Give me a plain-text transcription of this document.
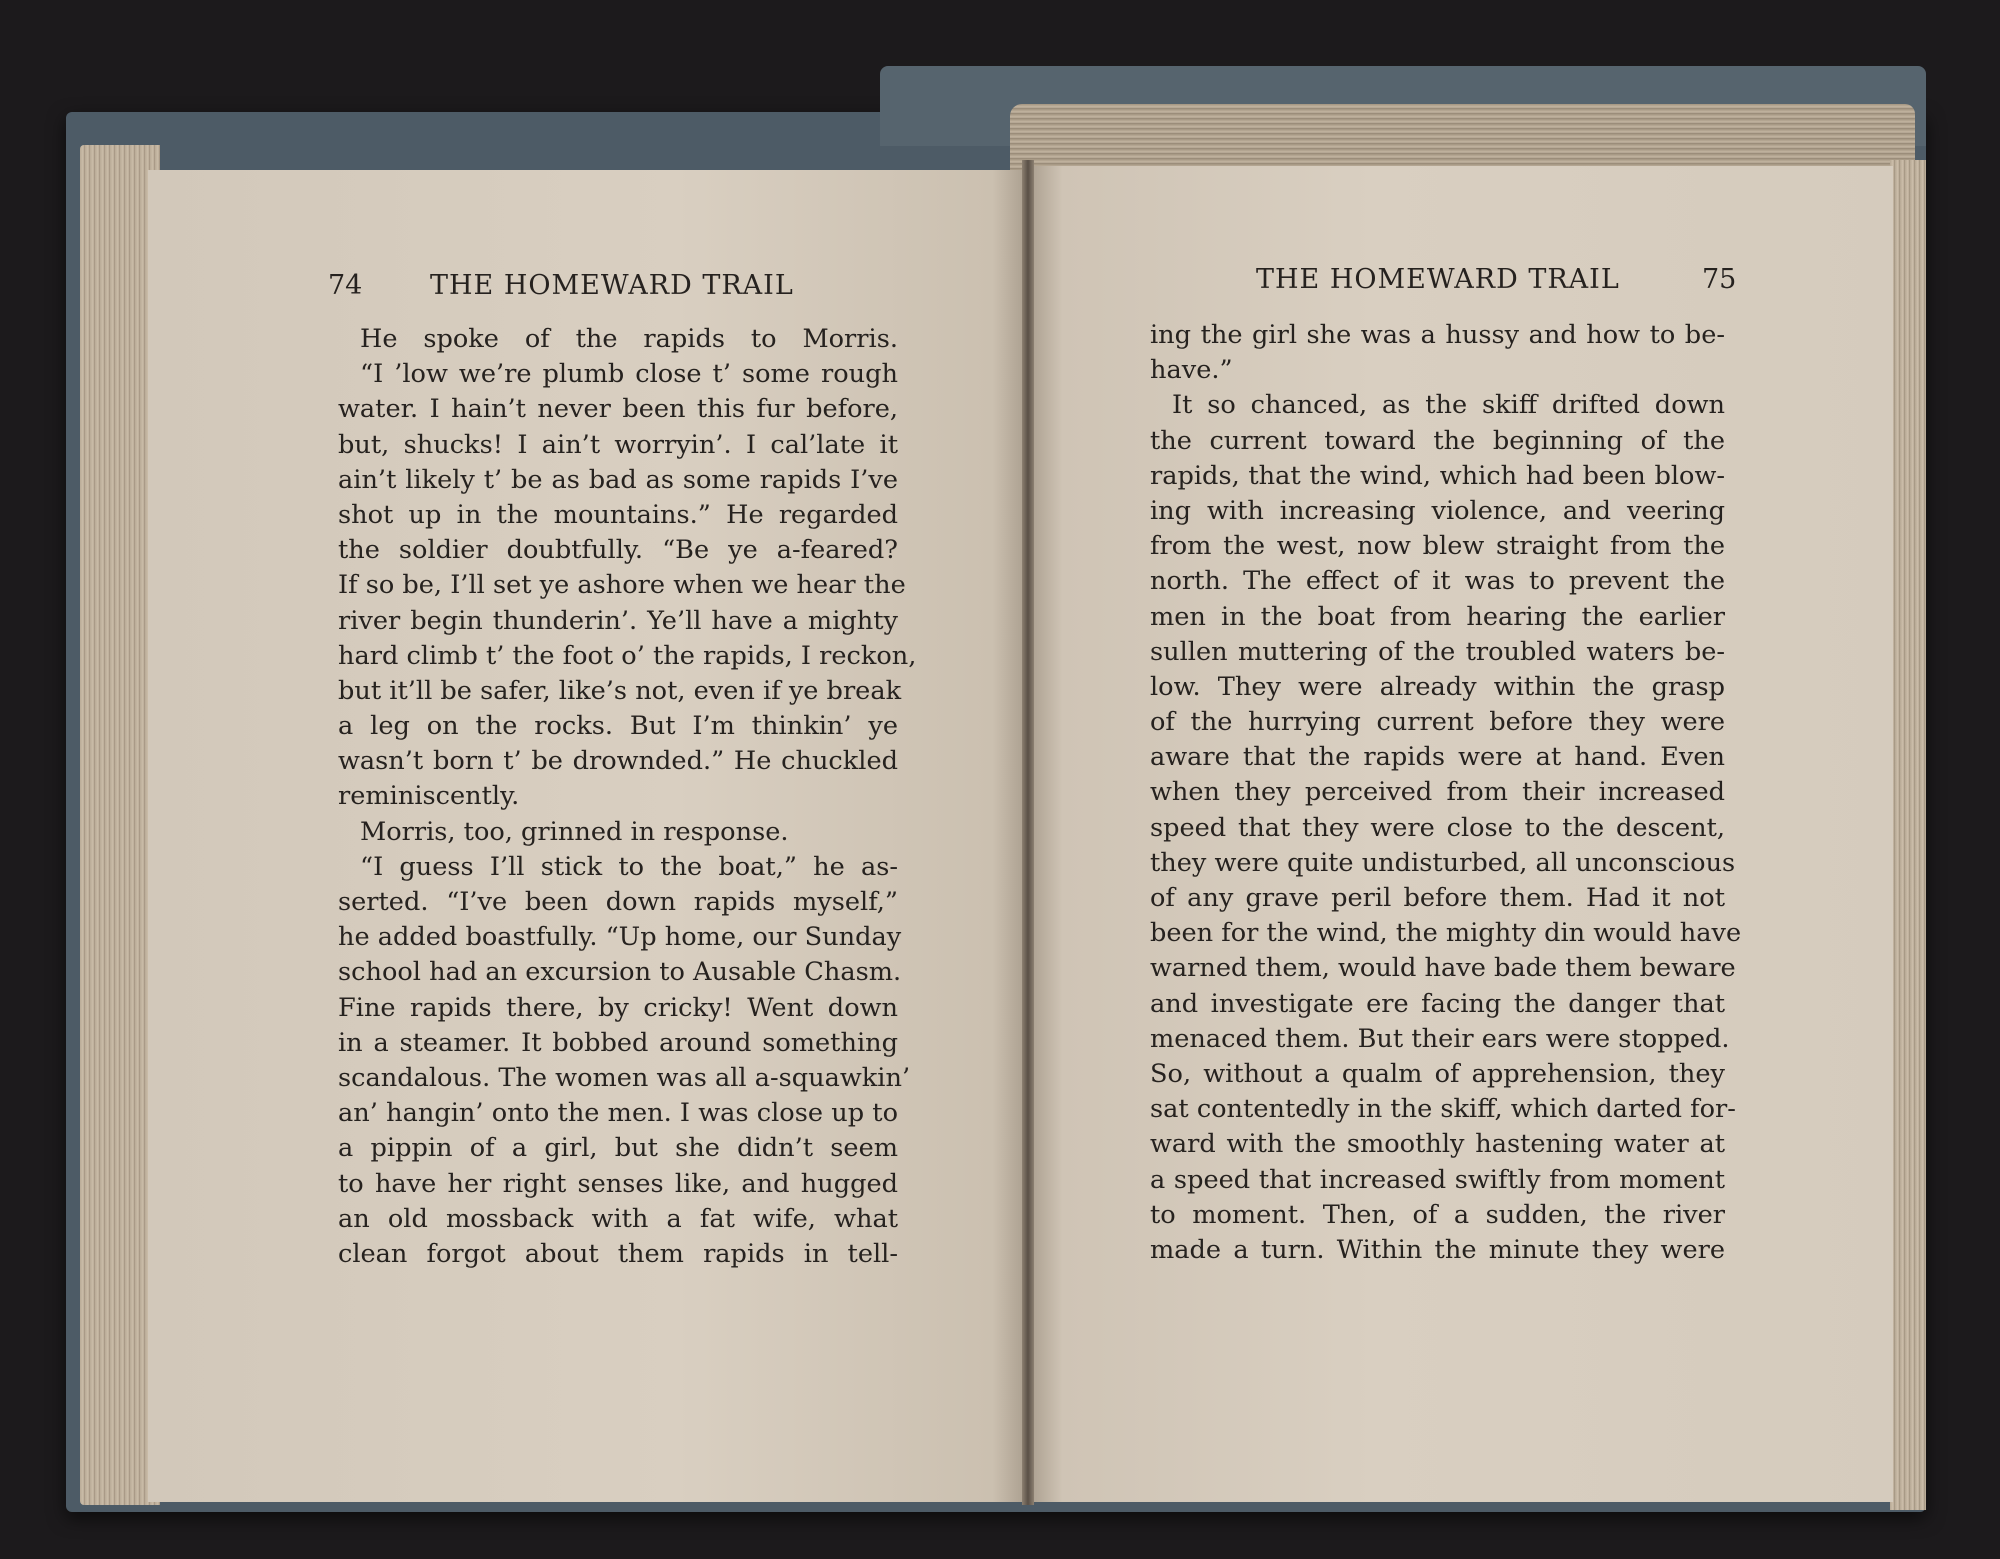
74	THE HOMEWARD TRAIL
He spoke of the rapids to Morris.
“I ’low we’re plumb close t’ some rough
water. I hain’t never been this fur before,
but, shucks! I ain’t worryin’. I cal’late it
ain’t likely t’ be as bad as some rapids I’ve
shot up in the mountains.” He regarded
the soldier doubtfully. “Be ye a-feared?
If so be, I’ll set ye ashore when we hear the
river begin thunderin’. Ye’ll have a mighty
hard climb t’ the foot o’ the rapids, I reckon,
but it’ll be safer, like’s not, even if ye break
a leg on the rocks. But I’m thinkin’ ye
wasn’t born t’ be drownded.” He chuckled
reminiscently.
Morris, too, grinned in response.
“I guess I’ll stick to the boat,” he as-
serted. “I’ve been down rapids myself,”
he added boastfully. “Up home, our Sunday
school had an excursion to Ausable Chasm.
Fine rapids there, by cricky! Went down
in a steamer. It bobbed around something
scandalous. The women was all a-squawkin’
an’ hangin’ onto the men. I was close up to
a pippin of a girl, but she didn’t seem
to have her right senses like, and hugged
an old mossback with a fat wife, what
clean forgot about them rapids in tell-
THE HOMEWARD TRAIL	75
ing the girl she was a hussy and how to be-
have.”
It so chanced, as the skiff drifted down
the current toward the beginning of the
rapids, that the wind, which had been blow-
ing with increasing violence, and veering
from the west, now blew straight from the
north. The effect of it was to prevent the
men in the boat from hearing the earlier
sullen muttering of the troubled waters be-
low. They were already within the grasp
of the hurrying current before they were
aware that the rapids were at hand. Even
when they perceived from their increased
speed that they were close to the descent,
they were quite undisturbed, all unconscious
of any grave peril before them. Had it not
been for the wind, the mighty din would have
warned them, would have bade them beware
and investigate ere facing the danger that
menaced them. But their ears were stopped.
So, without a qualm of apprehension, they
sat contentedly in the skiff, which darted for-
ward with the smoothly hastening water at
a speed that increased swiftly from moment
to moment. Then, of a sudden, the river
made a turn. Within the minute they were
